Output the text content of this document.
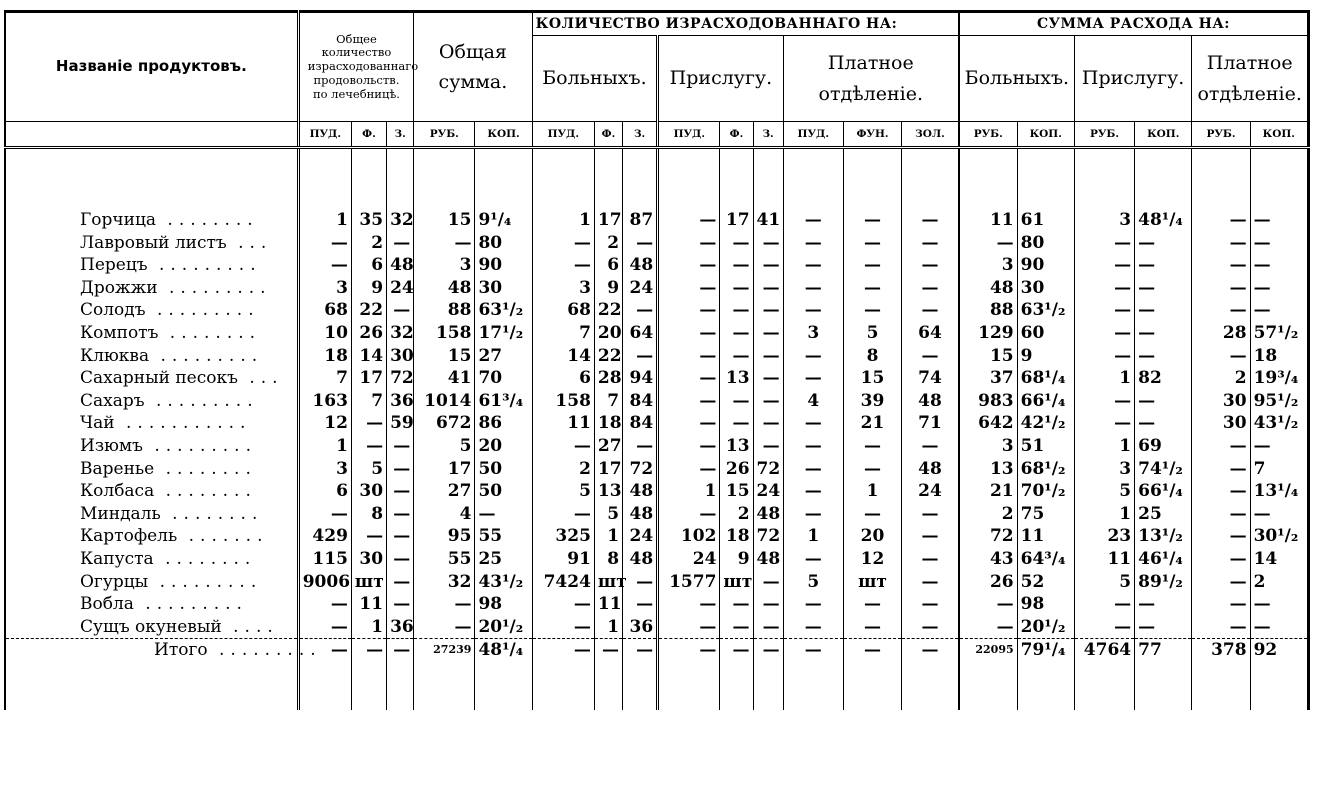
Названіе продуктовъ.	Общее количество израсходованнаго продовольств. по лечебницѣ.			Общая сумма.		КОЛИЧЕСТВО ИЗРАСХОДОВАННАГО НА:									СУММА РАСХОДА НА:					
						Больныхъ.			Прислугу.			Платное отдѣленіе.			Больныхъ.		Прислугу.		Платное отдѣленіе.	
	ПУД.	Ф.	З.	РУБ.	КОП.	ПУД.	Ф.	З.	ПУД.	Ф.	З.	ПУД.	ФУН.	ЗОЛ.	РУБ.	КОП.	РУБ.	КОП.	РУБ.	КОП.

Горчица ........	1	35	32	15	9¹/₄	1	17	87	—	17	41	—	—	—	11	61	3	48¹/₄	—	—
Лавровый листъ ...	—	2	—	—	80	—	2	—	—	—	—	—	—	—	—	80	—	—	—	—
Перецъ .........	—	6	48	3	90	—	6	48	—	—	—	—	—	—	3	90	—	—	—	—
Дрожжи .........	3	9	24	48	30	3	9	24	—	—	—	—	—	—	48	30	—	—	—	—
Солодъ .........	68	22	—	88	63¹/₂	68	22	—	—	—	—	—	—	—	88	63¹/₂	—	—	—	—
Компотъ ........	10	26	32	158	17¹/₂	7	20	64	—	—	—	3	5	64	129	60	—	—	28	57¹/₂
Клюква .........	18	14	30	15	27	14	22	—	—	—	—	—	8	—	15	9	—	—	—	18
Сахарный песокъ ...	7	17	72	41	70	6	28	94	—	13	—	—	15	74	37	68¹/₄	1	82	2	19³/₄
Сахаръ .........	163	7	36	1014	61³/₄	158	7	84	—	—	—	4	39	48	983	66¹/₄	—	—	30	95¹/₂
Чай ...........	12	—	59	672	86	11	18	84	—	—	—	—	21	71	642	42¹/₂	—	—	30	43¹/₂
Изюмъ .........	1	—	—	5	20	—	27	—	—	13	—	—	—	—	3	51	1	69	—	—
Варенье ........	3	5	—	17	50	2	17	72	—	26	72	—	—	48	13	68¹/₂	3	74¹/₂	—	7
Колбаса ........	6	30	—	27	50	5	13	48	1	15	24	—	1	24	21	70¹/₂	5	66¹/₄	—	13¹/₄
Миндаль ........	—	8	—	4	—	—	5	48	—	2	48	—	—	—	2	75	1	25	—	—
Картофель .......	429	—	—	95	55	325	1	24	102	18	72	1	20	—	72	11	23	13¹/₂	—	30¹/₂
Капуста ........	115	30	—	55	25	91	8	48	24	9	48	—	12	—	43	64³/₄	11	46¹/₄	—	14
Огурцы .........	9006	шт	—	32	43¹/₂	7424	шт	—	1577	шт	—	5	шт	—	26	52	5	89¹/₂	—	2
Вобла .........	—	11	—	—	98	—	11	—	—	—	—	—	—	—	—	98	—	—	—	—
Сущъ окуневый ....	—	1	36	—	20¹/₂	—	1	36	—	—	—	—	—	—	—	20¹/₂	—	—	—	—
Итого .........	—	—	—	27239	48¹/₄	—	—	—	—	—	—	—	—	—	22095	79¹/₄	4764	77	378	92
